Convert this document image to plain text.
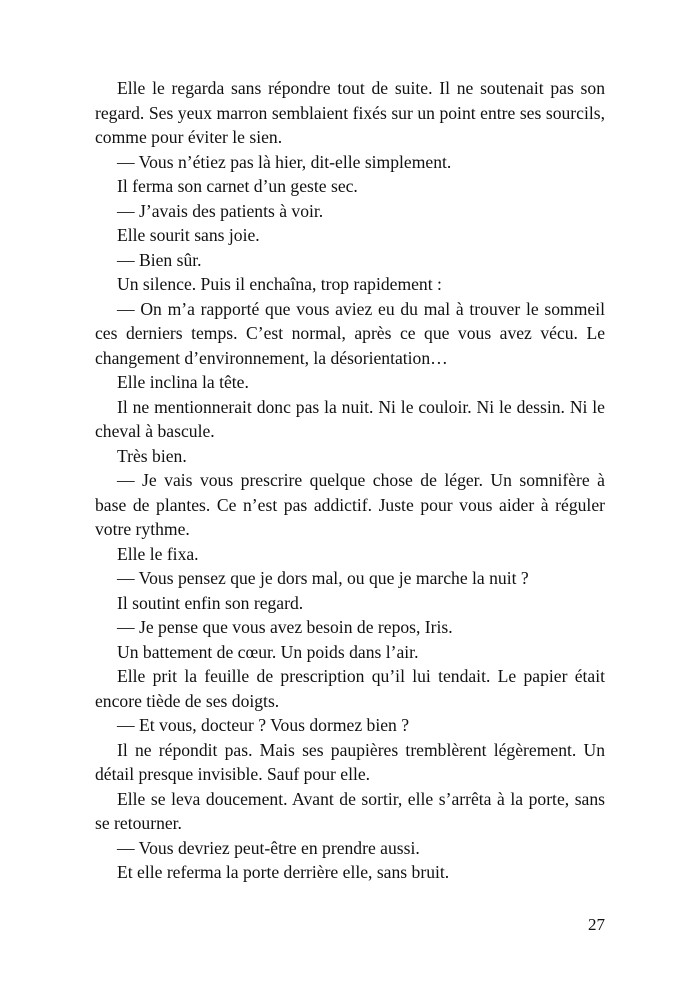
Elle le regarda sans répondre tout de suite. Il ne soutenait pas son regard. Ses yeux marron semblaient fixés sur un point entre ses sourcils, comme pour éviter le sien.

— Vous n’étiez pas là hier, dit-elle simplement.

Il ferma son carnet d’un geste sec.

— J’avais des patients à voir.

Elle sourit sans joie.

— Bien sûr.

Un silence. Puis il enchaîna, trop rapidement :

— On m’a rapporté que vous aviez eu du mal à trouver le sommeil ces derniers temps. C’est normal, après ce que vous avez vécu. Le changement d’environnement, la désorientation…

Elle inclina la tête.

Il ne mentionnerait donc pas la nuit. Ni le couloir. Ni le dessin. Ni le cheval à bascule.

Très bien.

— Je vais vous prescrire quelque chose de léger. Un somnifère à base de plantes. Ce n’est pas addictif. Juste pour vous aider à réguler votre rythme.

Elle le fixa.

— Vous pensez que je dors mal, ou que je marche la nuit ?

Il soutint enfin son regard.

— Je pense que vous avez besoin de repos, Iris.

Un battement de cœur. Un poids dans l’air.

Elle prit la feuille de prescription qu’il lui tendait. Le papier était encore tiède de ses doigts.

— Et vous, docteur ? Vous dormez bien ?

Il ne répondit pas. Mais ses paupières tremblèrent légèrement. Un détail presque invisible. Sauf pour elle.

Elle se leva doucement. Avant de sortir, elle s’arrêta à la porte, sans se retourner.

— Vous devriez peut-être en prendre aussi.

Et elle referma la porte derrière elle, sans bruit.

27
